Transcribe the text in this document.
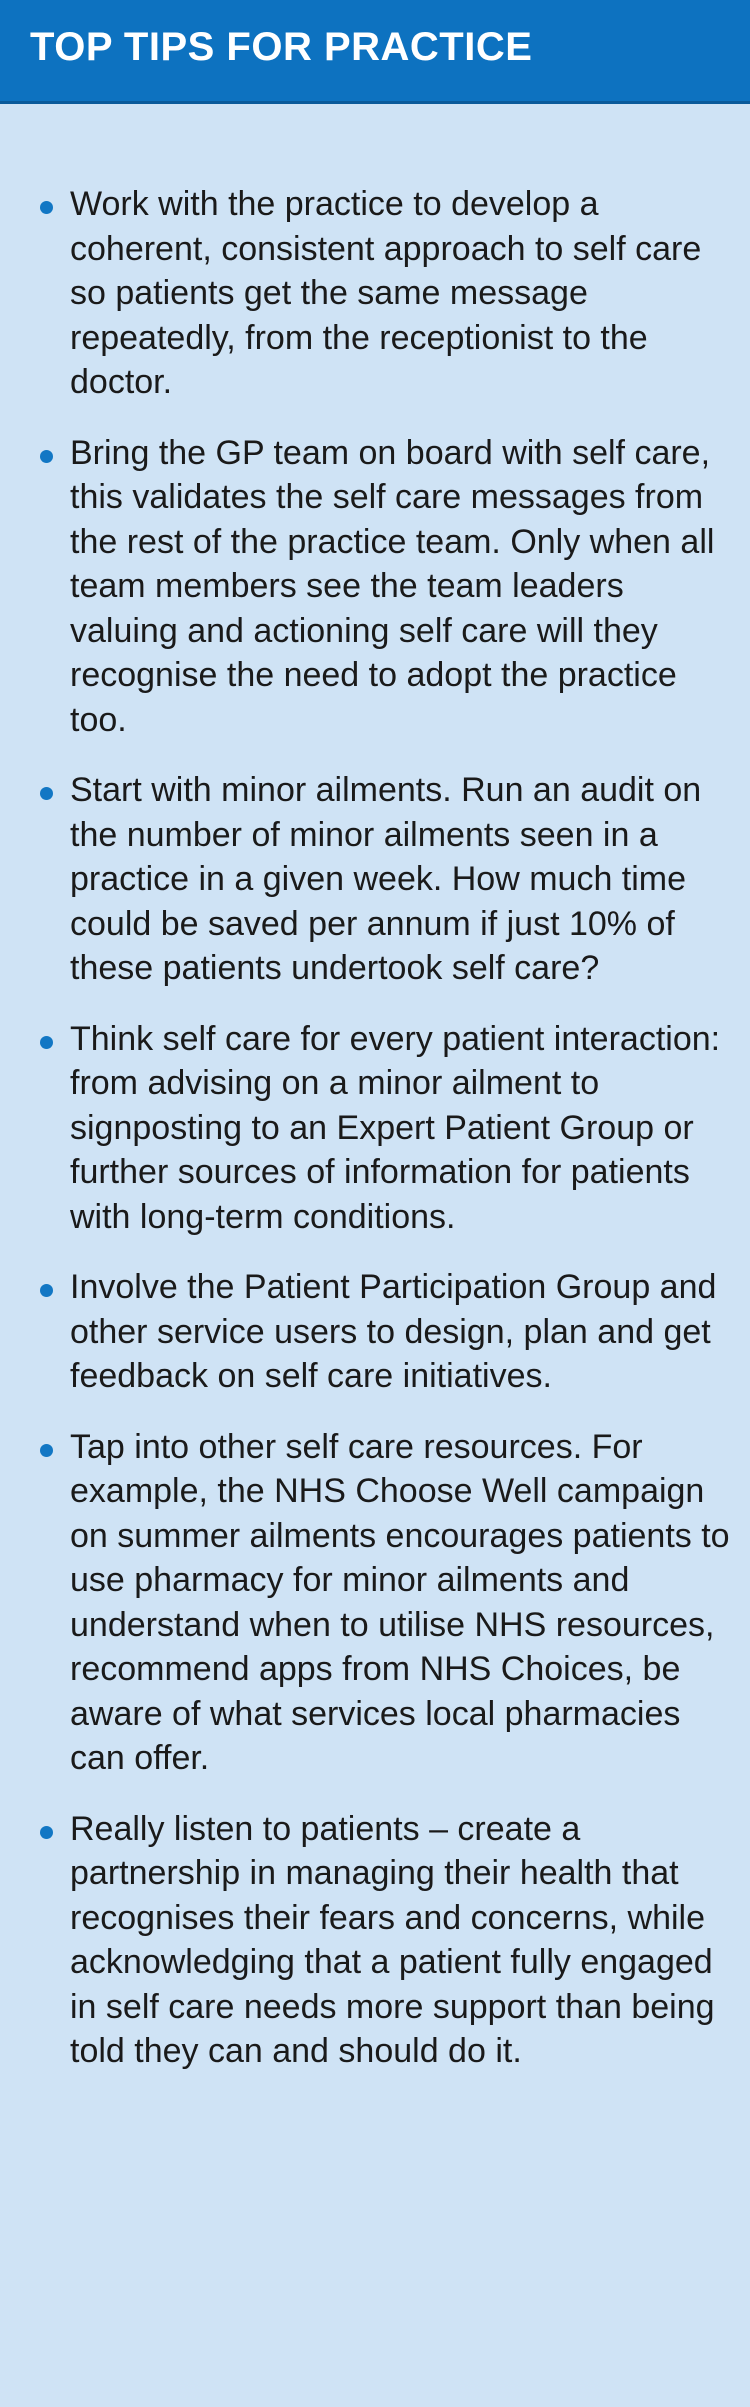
TOP TIPS FOR PRACTICE
Work with the practice to develop a coherent, consistent approach to self care so patients get the same message repeatedly, from the receptionist to the doctor.
Bring the GP team on board with self care, this validates the self care messages from the rest of the practice team. Only when all team members see the team leaders valuing and actioning self care will they recognise the need to adopt the practice too.
Start with minor ailments. Run an audit on the number of minor ailments seen in a practice in a given week. How much time could be saved per annum if just 10% of these patients undertook self care?
Think self care for every patient interaction: from advising on a minor ailment to signposting to an Expert Patient Group or further sources of information for patients with long-term conditions.
Involve the Patient Participation Group and other service users to design, plan and get feedback on self care initiatives.
Tap into other self care resources. For example, the NHS Choose Well campaign on summer ailments encourages patients to use pharmacy for minor ailments and understand when to utilise NHS resources, recommend apps from NHS Choices, be aware of what services local pharmacies can offer.
Really listen to patients – create a partnership in managing their health that recognises their fears and concerns, while acknowledging that a patient fully engaged in self care needs more support than being told they can and should do it.
